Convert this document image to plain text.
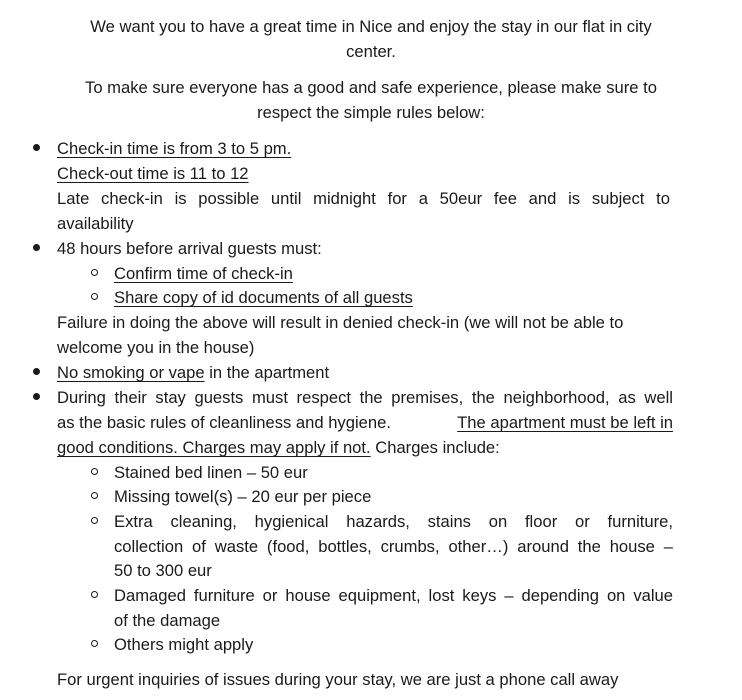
We want you to have a great time in Nice and enjoy the stay in our flat in city
center.
To make sure everyone has a good and safe experience, please make sure to
respect the simple rules below:
Check-in time is from 3 to 5 pm.
Check-out time is 11 to 12
Late check-in is possible until midnight for a 50eur fee and is subject to
availability
48 hours before arrival guests must:
Confirm time of check-in
Share copy of id documents of all guests
Failure in doing the above will result in denied check-in (we will not be able to
welcome you in the house)
No smoking or vape in the apartment
During their stay guests must respect the premises, the neighborhood, as well
as the basic rules of cleanliness and hygiene.	The apartment must be left in
good conditions. Charges may apply if not. Charges include:
Stained bed linen – 50 eur
Missing towel(s) – 20 eur per piece
Extra cleaning, hygienical hazards, stains on floor or furniture,
collection of waste (food, bottles, crumbs, other…) around the house –
50 to 300 eur
Damaged furniture or house equipment, lost keys – depending on value
of the damage
Others might apply
For urgent inquiries of issues during your stay, we are just a phone call away
